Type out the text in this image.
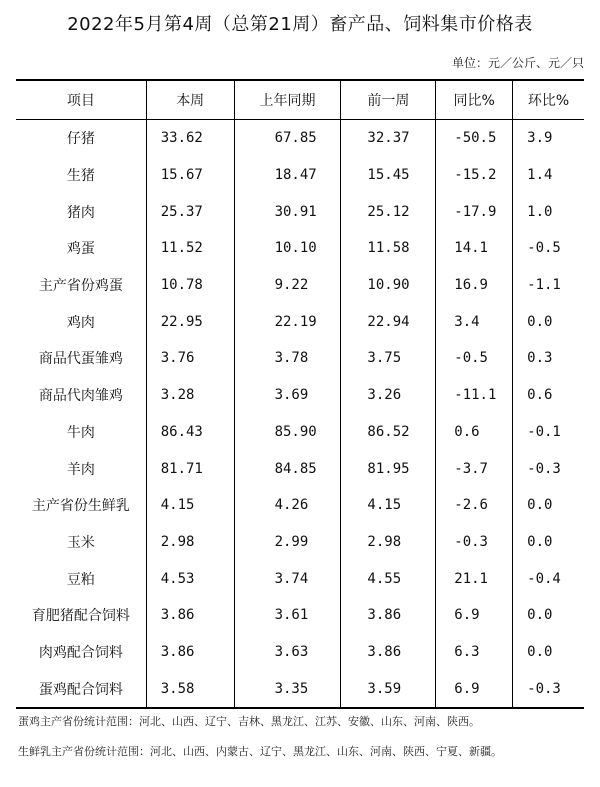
2022年5月第4周（总第21周）畜产品、饲料集市价格表
单位：元／公斤、元／只
项目	本周	上年同期	前一周	同比%	环比%
仔猪	33.62	67.85	32.37	-50.5	3.9
生猪	15.67	18.47	15.45	-15.2	1.4
猪肉	25.37	30.91	25.12	-17.9	1.0
鸡蛋	11.52	10.10	11.58	14.1	-0.5
主产省份鸡蛋	10.78	9.22	10.90	16.9	-1.1
鸡肉	22.95	22.19	22.94	3.4	0.0
商品代蛋雏鸡	3.76	3.78	3.75	-0.5	0.3
商品代肉雏鸡	3.28	3.69	3.26	-11.1	0.6
牛肉	86.43	85.90	86.52	0.6	-0.1
羊肉	81.71	84.85	81.95	-3.7	-0.3
主产省份生鲜乳	4.15	4.26	4.15	-2.6	0.0
玉米	2.98	2.99	2.98	-0.3	0.0
豆粕	4.53	3.74	4.55	21.1	-0.4
育肥猪配合饲料	3.86	3.61	3.86	6.9	0.0
肉鸡配合饲料	3.86	3.63	3.86	6.3	0.0
蛋鸡配合饲料	3.58	3.35	3.59	6.9	-0.3
蛋鸡主产省份统计范围：河北、山西、辽宁、吉林、黑龙江、江苏、安徽、山东、河南、陕西。
生鲜乳主产省份统计范围：河北、山西、内蒙古、辽宁、黑龙江、山东、河南、陕西、宁夏、新疆。
